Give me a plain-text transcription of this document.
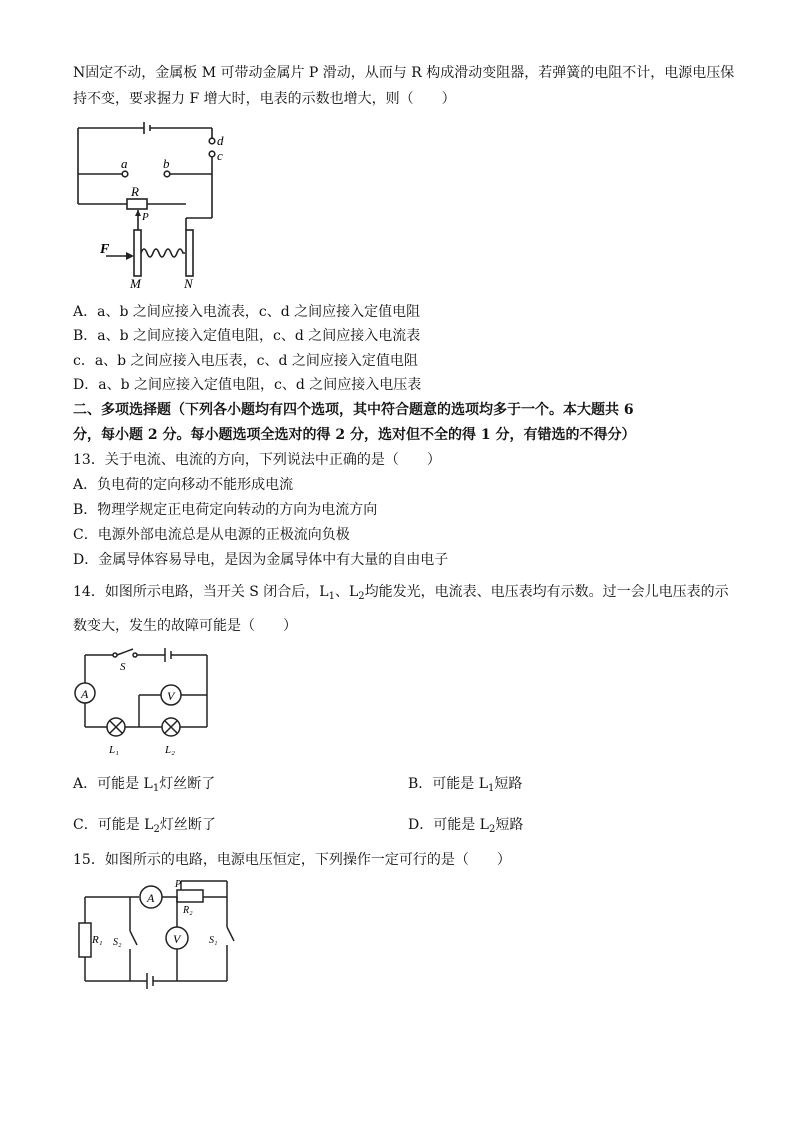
N固定不动，金属板 M 可带动金属片 P 滑动，从而与 R 构成滑动变阻器，若弹簧的电阻不计，电源电压保
持不变，要求握力 F 增大时，电表的示数也增大，则（　　）
d
c
a	b
R
P
F
M	N
A．a、b 之间应接入电流表，c、d 之间应接入定值电阻
B．a、b 之间应接入定值电阻，c、d 之间应接入电流表
c．a、b 之间应接入电压表，c、d 之间应接入定值电阻
D．a、b 之间应接入定值电阻，c、d 之间应接入电压表
二、多项选择题（下列各小题均有四个选项，其中符合题意的选项均多于一个。本大题共 6
分，每小题 2 分。每小题选项全选对的得 2 分，选对但不全的得 1 分，有错选的不得分）
13．关于电流、电流的方向，下列说法中正确的是（　　）
A．负电荷的定向移动不能形成电流
B．物理学规定正电荷定向转动的方向为电流方向
C．电源外部电流总是从电源的正极流向负极
D．金属导体容易导电，是因为金属导体中有大量的自由电子
14．如图所示电路，当开关 S 闭合后，$L_1$、$L_2$均能发光，电流表、电压表均有示数。过一会儿电压表的示
数变大，发生的故障可能是（　　）
A	V
S
L₁	L₂
A．可能是 $L_1$灯丝断了	B．可能是 $L_1$短路
C．可能是 $L_2$灯丝断了	D．可能是 $L_2$短路
15．如图所示的电路，电源电压恒定，下列操作一定可行的是（　　）
A
V
P
R₂
R₁ S₂	S₁
